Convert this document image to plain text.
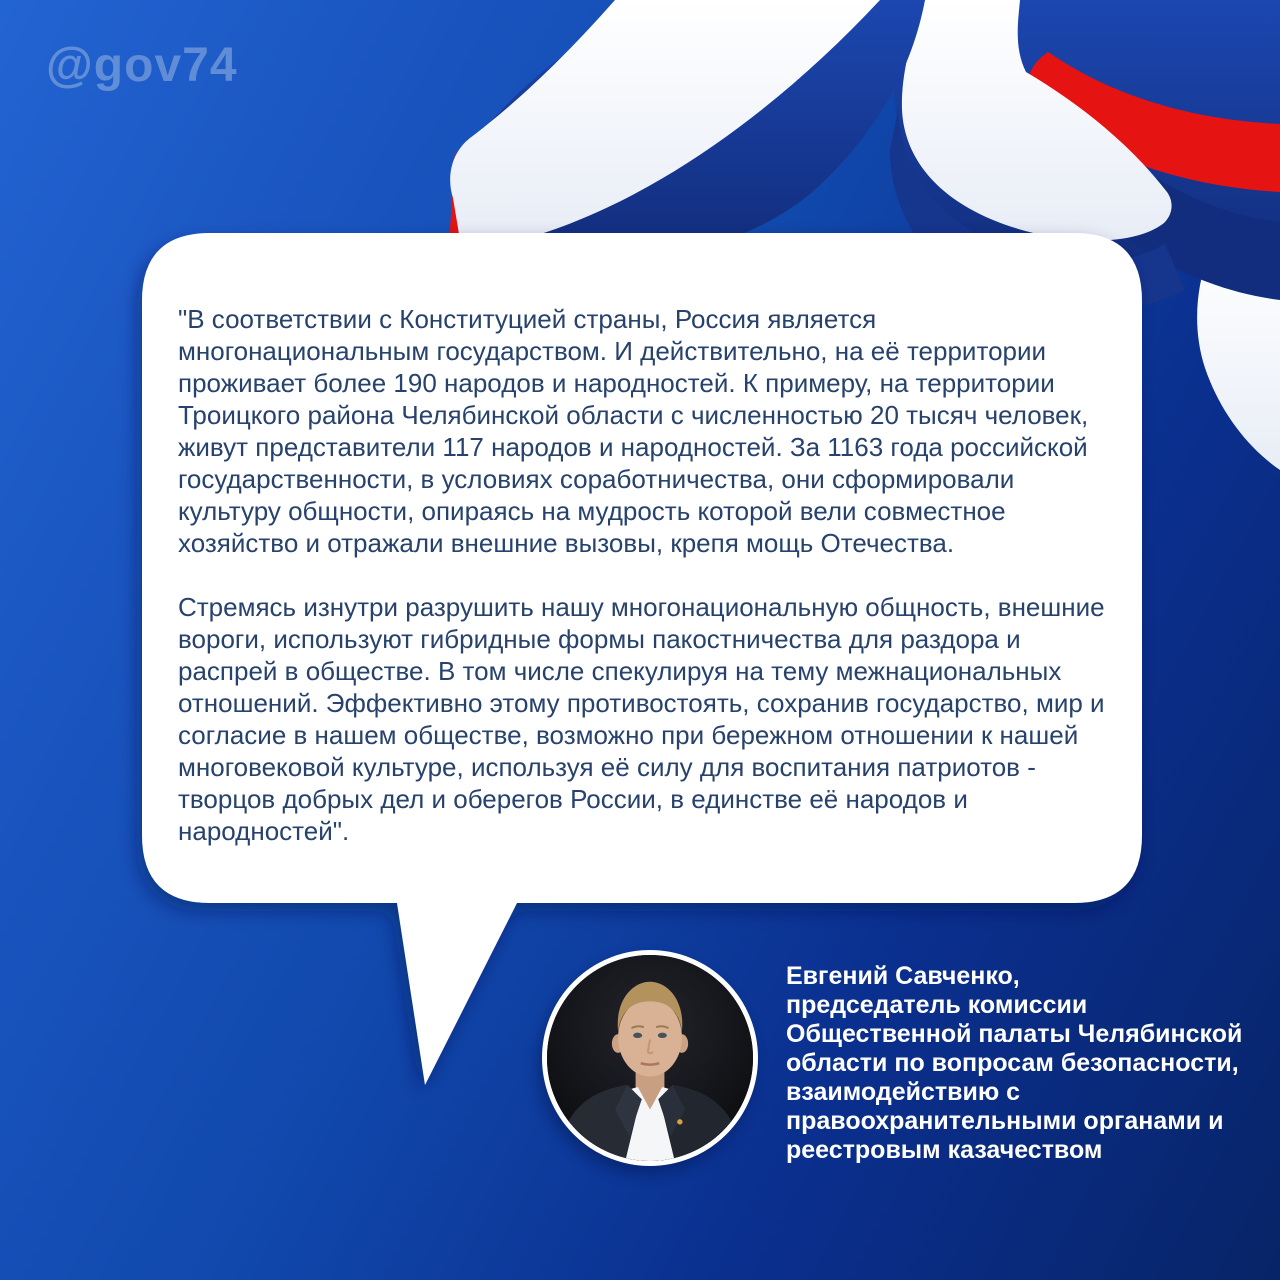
@gov74

"В соответствии с Конституцией страны, Россия является многонациональным государством. И действительно, на её территории проживает более 190 народов и народностей. К примеру, на территории Троицкого района Челябинской области с численностью 20 тысяч человек, живут представители 117 народов и народностей. За 1163 года российской государственности, в условиях соработничества, они сформировали культуру общности, опираясь на мудрость которой вели совместное хозяйство и отражали внешние вызовы, крепя мощь Отечества.

Стремясь изнутри разрушить нашу многонациональную общность, внешние вороги, используют гибридные формы пакостничества для раздора и распрей в обществе. В том числе спекулируя на тему межнациональных отношений. Эффективно этому противостоять, сохранив государство, мир и согласие в нашем обществе, возможно при бережном отношении к нашей многовековой культуре, используя её силу для воспитания патриотов - творцов добрых дел и оберегов России, в единстве её народов и народностей".

Евгений Савченко,
председатель комиссии Общественной палаты Челябинской области по вопросам безопасности, взаимодействию с правоохранительными органами и реестровым казачеством
